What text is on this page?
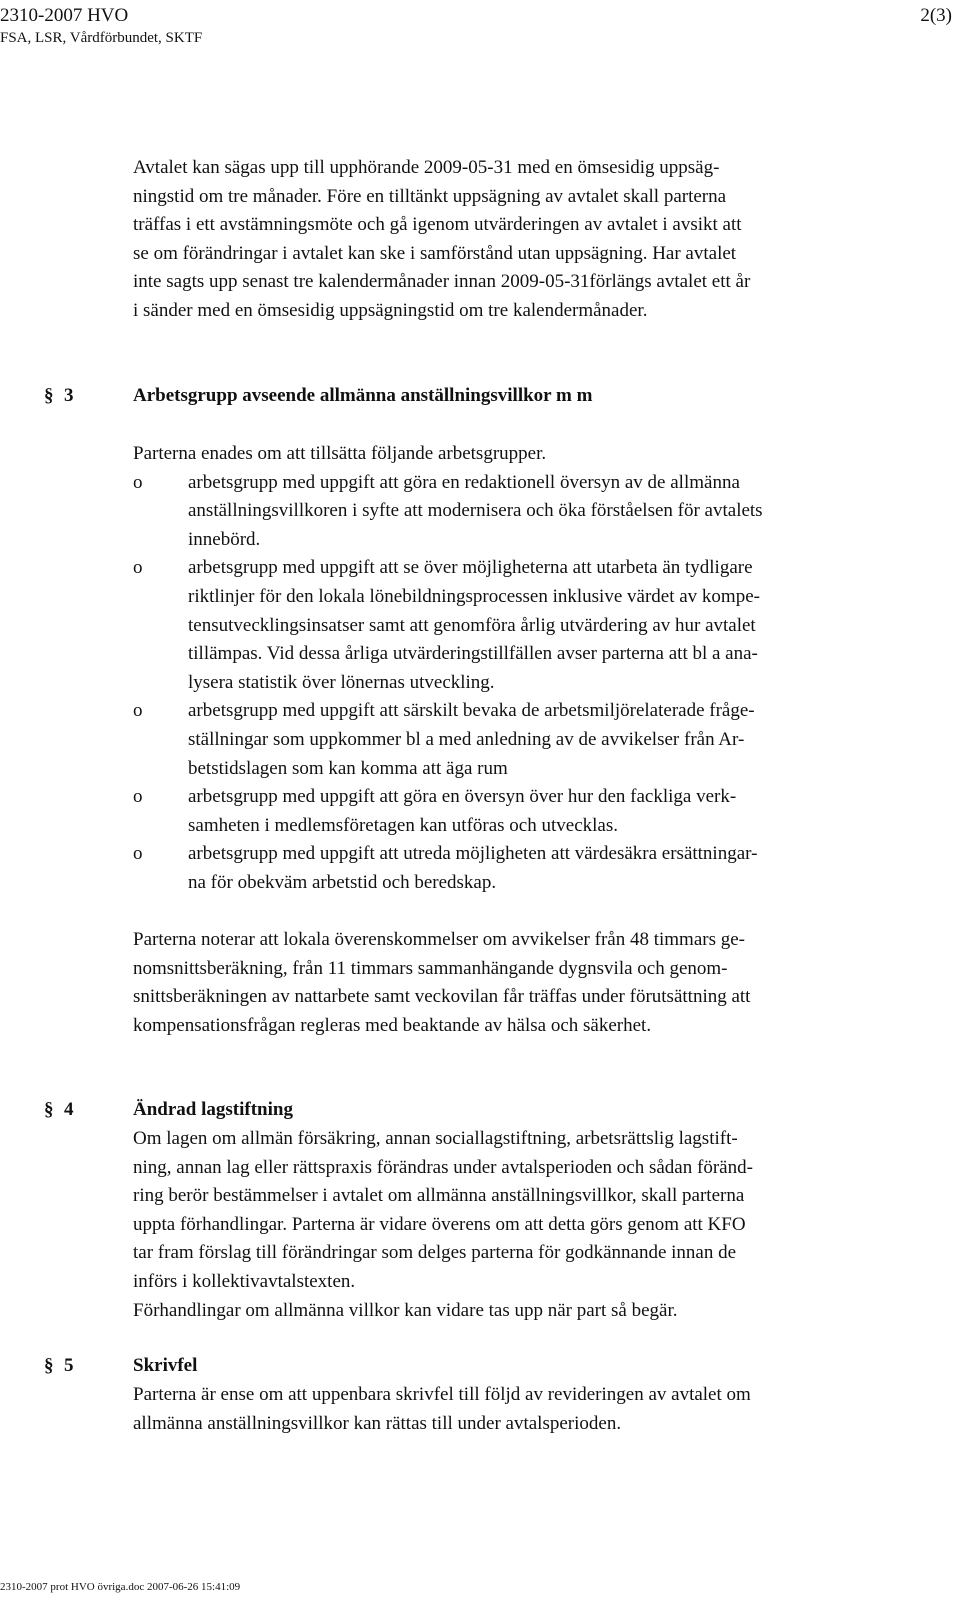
2310-2007 HVO
FSA, LSR, Vårdförbundet, SKTF
2(3)

Avtalet kan sägas upp till upphörande 2009-05-31 med en ömsesidig uppsäg-

ningstid om tre månader. Före en tilltänkt uppsägning av avtalet skall parterna

träffas i ett avstämningsmöte och gå igenom utvärderingen av avtalet i avsikt att

se om förändringar i avtalet kan ske i samförstånd utan uppsägning. Har avtalet

inte sagts upp senast tre kalendermånader innan 2009-05-31förlängs avtalet ett år

i sänder med en ömsesidig uppsägningstid om tre kalendermånader.

§ 3	Arbetsgrupp avseende allmänna anställningsvillkor m m

Parterna enades om att tillsätta följande arbetsgrupper.

o arbetsgrupp med uppgift att göra en redaktionell översyn av de allmänna

anställningsvillkoren i syfte att modernisera och öka förståelsen för avtalets

innebörd.

o arbetsgrupp med uppgift att se över möjligheterna att utarbeta än tydligare

riktlinjer för den lokala lönebildningsprocessen inklusive värdet av kompe-

tensutvecklingsinsatser samt att genomföra årlig utvärdering av hur avtalet

tillämpas. Vid dessa årliga utvärderingstillfällen avser parterna att bl a ana-

lysera statistik över lönernas utveckling.

o arbetsgrupp med uppgift att särskilt bevaka de arbetsmiljörelaterade fråge-

ställningar som uppkommer bl a med anledning av de avvikelser från Ar-

betstidslagen som kan komma att äga rum

o arbetsgrupp med uppgift att göra en översyn över hur den fackliga verk-

samheten i medlemsföretagen kan utföras och utvecklas.

o arbetsgrupp med uppgift att utreda möjligheten att värdesäkra ersättningar-

na för obekväm arbetstid och beredskap.

Parterna noterar att lokala överenskommelser om avvikelser från 48 timmars ge-

nomsnittsberäkning, från 11 timmars sammanhängande dygnsvila och genom-

snittsberäkningen av nattarbete samt veckovilan får träffas under förutsättning att

kompensationsfrågan regleras med beaktande av hälsa och säkerhet.

§ 4	Ändrad lagstiftning

Om lagen om allmän försäkring, annan sociallagstiftning, arbetsrättslig lagstift-

ning, annan lag eller rättspraxis förändras under avtalsperioden och sådan föränd-

ring berör bestämmelser i avtalet om allmänna anställningsvillkor, skall parterna

uppta förhandlingar. Parterna är vidare överens om att detta görs genom att KFO

tar fram förslag till förändringar som delges parterna för godkännande innan de

införs i kollektivavtalstexten.

Förhandlingar om allmänna villkor kan vidare tas upp när part så begär.

§ 5	Skrivfel

Parterna är ense om att uppenbara skrivfel till följd av revideringen av avtalet om

allmänna anställningsvillkor kan rättas till under avtalsperioden.

2310-2007 prot HVO övriga.doc 2007-06-26 15:41:09
